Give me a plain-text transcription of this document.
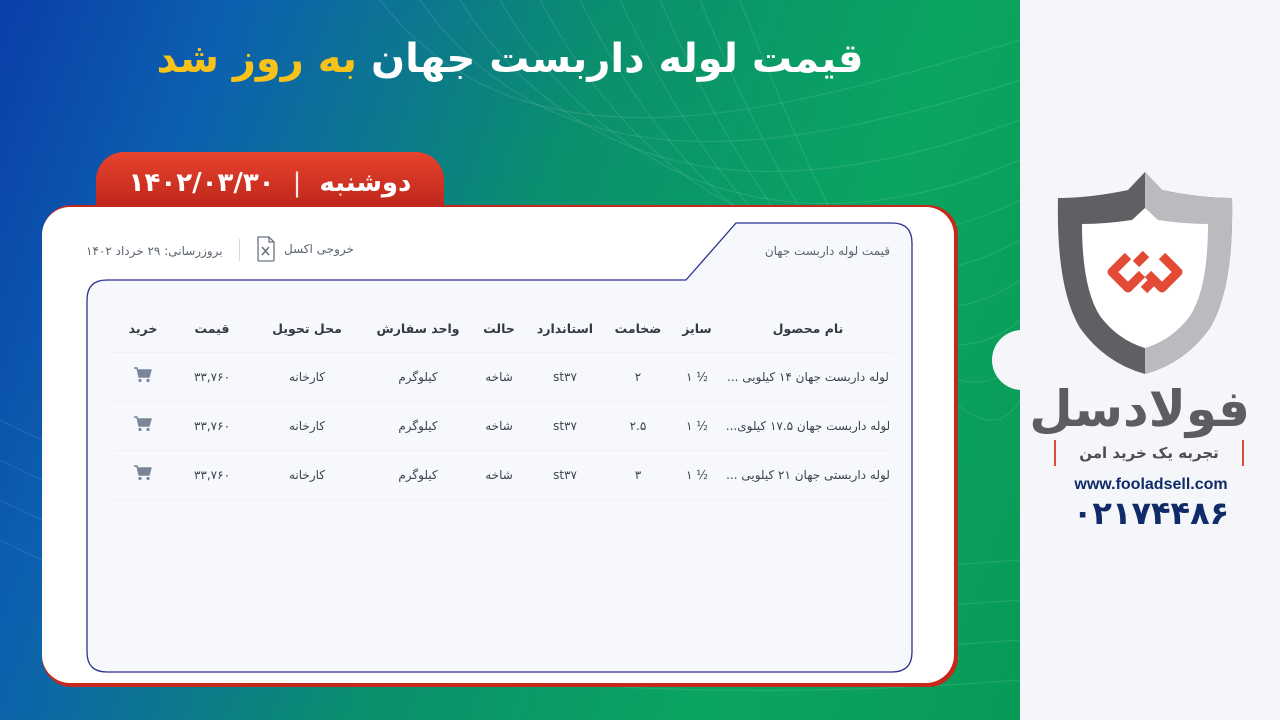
قیمت لوله داربست جهان به روز شد
دوشنبه
|
۱۴۰۲/۰۳/۳۰
بروزرسانی: ۲۹ خرداد ۱۴۰۲	خروجی اکسل	قیمت لوله داربست جهان
نام محصول	سایز	ضخامت	استاندارد	حالت	واحد سفارش	محل تحویل	قیمت	خرید
لوله داربست جهان ۱۴ کیلویی ...	½ ۱	۲	st۳۷	شاخه	کیلوگرم	کارخانه	۳۳,۷۶۰	
لوله داربست جهان ۱۷.۵ کیلوی...	½ ۱	۲.۵	st۳۷	شاخه	کیلوگرم	کارخانه	۳۳,۷۶۰	
لوله داربستی جهان ۲۱ کیلویی ...	½ ۱	۳	st۳۷	شاخه	کیلوگرم	کارخانه	۳۳,۷۶۰	
فولادسل
تجربه یک خرید امن
www.fooladsell.com
۰۲۱۷۴۴۸۶
